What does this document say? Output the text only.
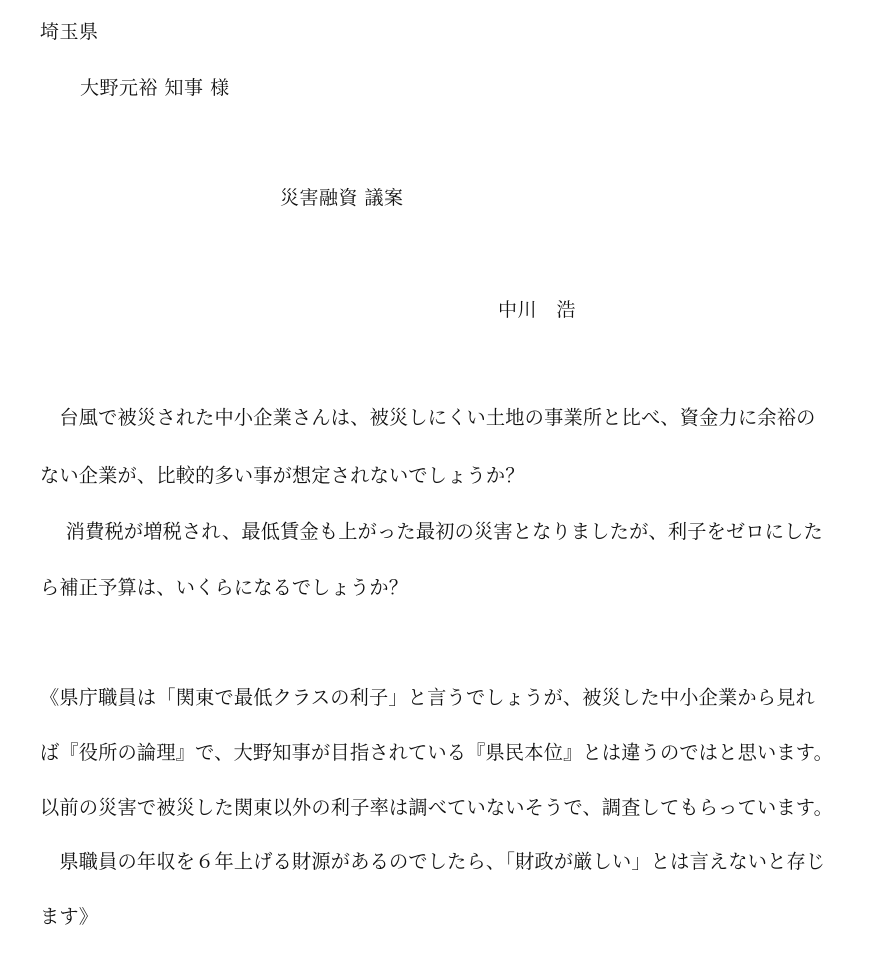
埼玉県
大野元裕 知事 様
災害融資 議案
中川　浩
　台風で被災された中小企業さんは、被災しにくい土地の事業所と比べ、資金力に余裕の
ない企業が、比較的多い事が想定されないでしょうか？
　 消費税が増税され、最低賃金も上がった最初の災害となりましたが、利子をゼロにした
ら補正予算は、いくらになるでしょうか？
《県庁職員は「関東で最低クラスの利子」と言うでしょうが、被災した中小企業から見れ
ば『役所の論理』で、大野知事が目指されている『県民本位』とは違うのではと思います。
以前の災害で被災した関東以外の利子率は調べていないそうで、調査してもらっています。
　県職員の年収を６年上げる財源があるのでしたら、「財政が厳しい」とは言えないと存じ
ます》
